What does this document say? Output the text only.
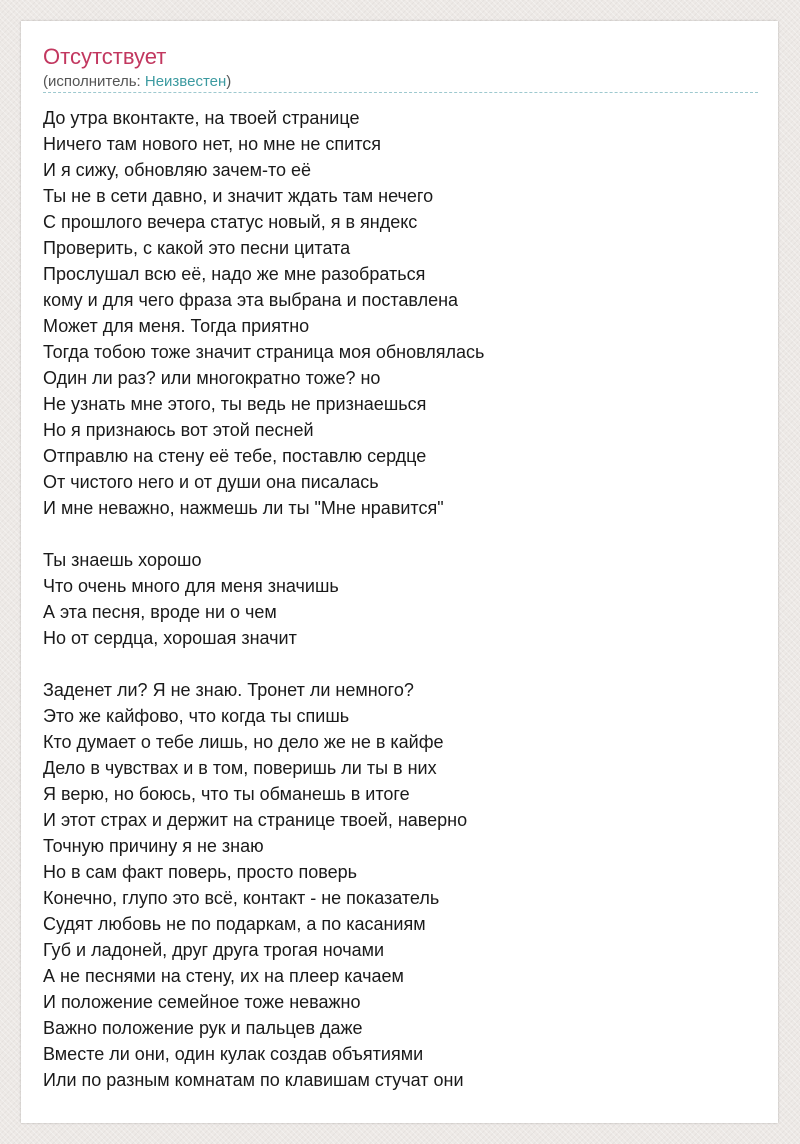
Отсутствует
(исполнитель: Неизвестен)
До утра вконтакте, на твоей странице
Ничего там нового нет, но мне не спится
И я сижу, обновляю зачем-то её
Ты не в сети давно, и значит ждать там нечего
С прошлого вечера статус новый, я в яндекс
Проверить, с какой это песни цитата
Прослушал всю её, надо же мне разобраться
кому и для чего фраза эта выбрана и поставлена
Может для меня. Тогда приятно
Тогда тобою тоже значит страница моя обновлялась
Один ли раз? или многократно тоже? но
Не узнать мне этого, ты ведь не признаешься
Но я признаюсь вот этой песней
Отправлю на стену её тебе, поставлю сердце
От чистого него и от души она писалась
И мне неважно, нажмешь ли ты "Мне нравится"

Ты знаешь хорошо
Что очень много для меня значишь
А эта песня, вроде ни о чем
Но от сердца, хорошая значит

Заденет ли? Я не знаю. Тронет ли немного?
Это же кайфово, что когда ты спишь
Кто думает о тебе лишь, но дело же не в кайфе
Дело в чувствах и в том, поверишь ли ты в них
Я верю, но боюсь, что ты обманешь в итоге
И этот страх и держит на странице твоей, наверно
Точную причину я не знаю
Но в сам факт поверь, просто поверь
Конечно, глупо это всё, контакт - не показатель
Судят любовь не по подаркам, а по касаниям
Губ и ладоней, друг друга трогая ночами
А не песнями на стену, их на плеер качаем
И положение семейное тоже неважно
Важно положение рук и пальцев даже
Вместе ли они, один кулак создав объятиями
Или по разным комнатам по клавишам стучат они
